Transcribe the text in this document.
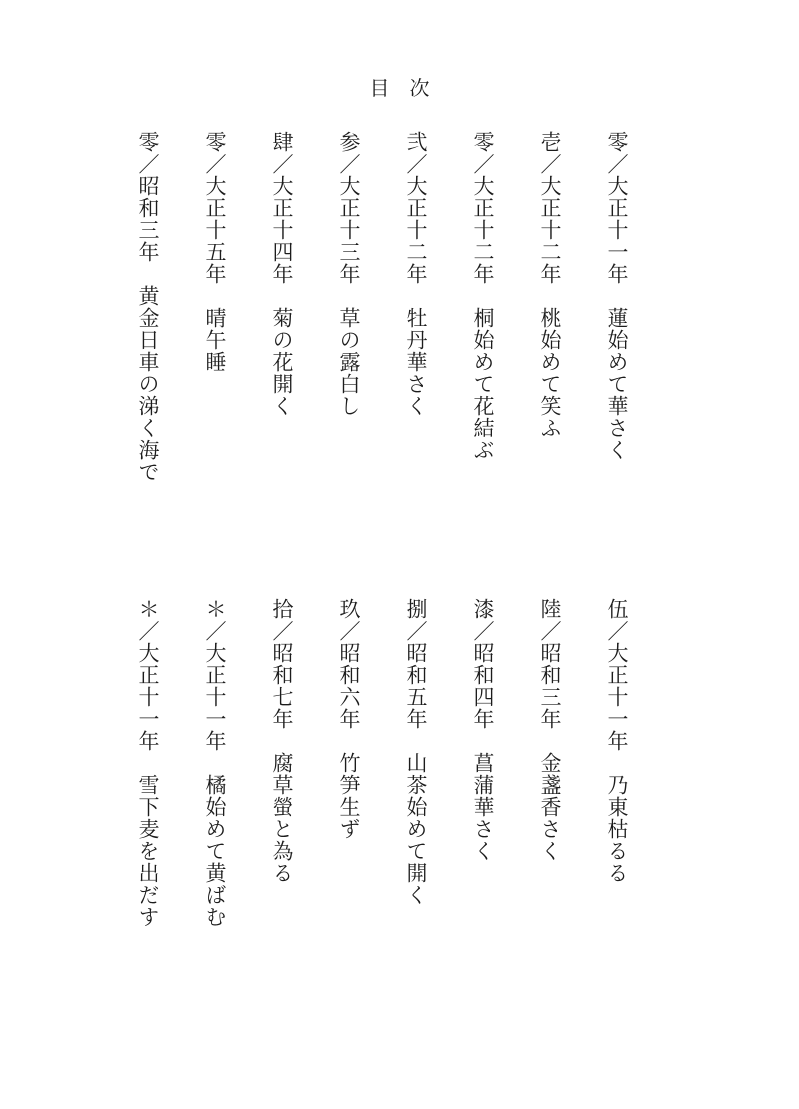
目　次
零／大正十一年　蓮始めて華さく
壱／大正十二年　桃始めて笑ふ
零／大正十二年　桐始めて花結ぶ
弐／大正十二年　牡丹華さく
参／大正十三年　草の露白し
肆／大正十四年　菊の花開く
零／大正十五年　晴午睡
零／昭和三年　黄金日車の涕く海で
伍／大正十一年　乃東枯るる
陸／昭和三年　金盞香さく
漆／昭和四年　菖蒲華さく
捌／昭和五年　山茶始めて開く
玖／昭和六年　竹笋生ず
拾／昭和七年　腐草螢と為る
＊／大正十一年　橘始めて黄ばむ
＊／大正十一年　雪下麦を出だす
